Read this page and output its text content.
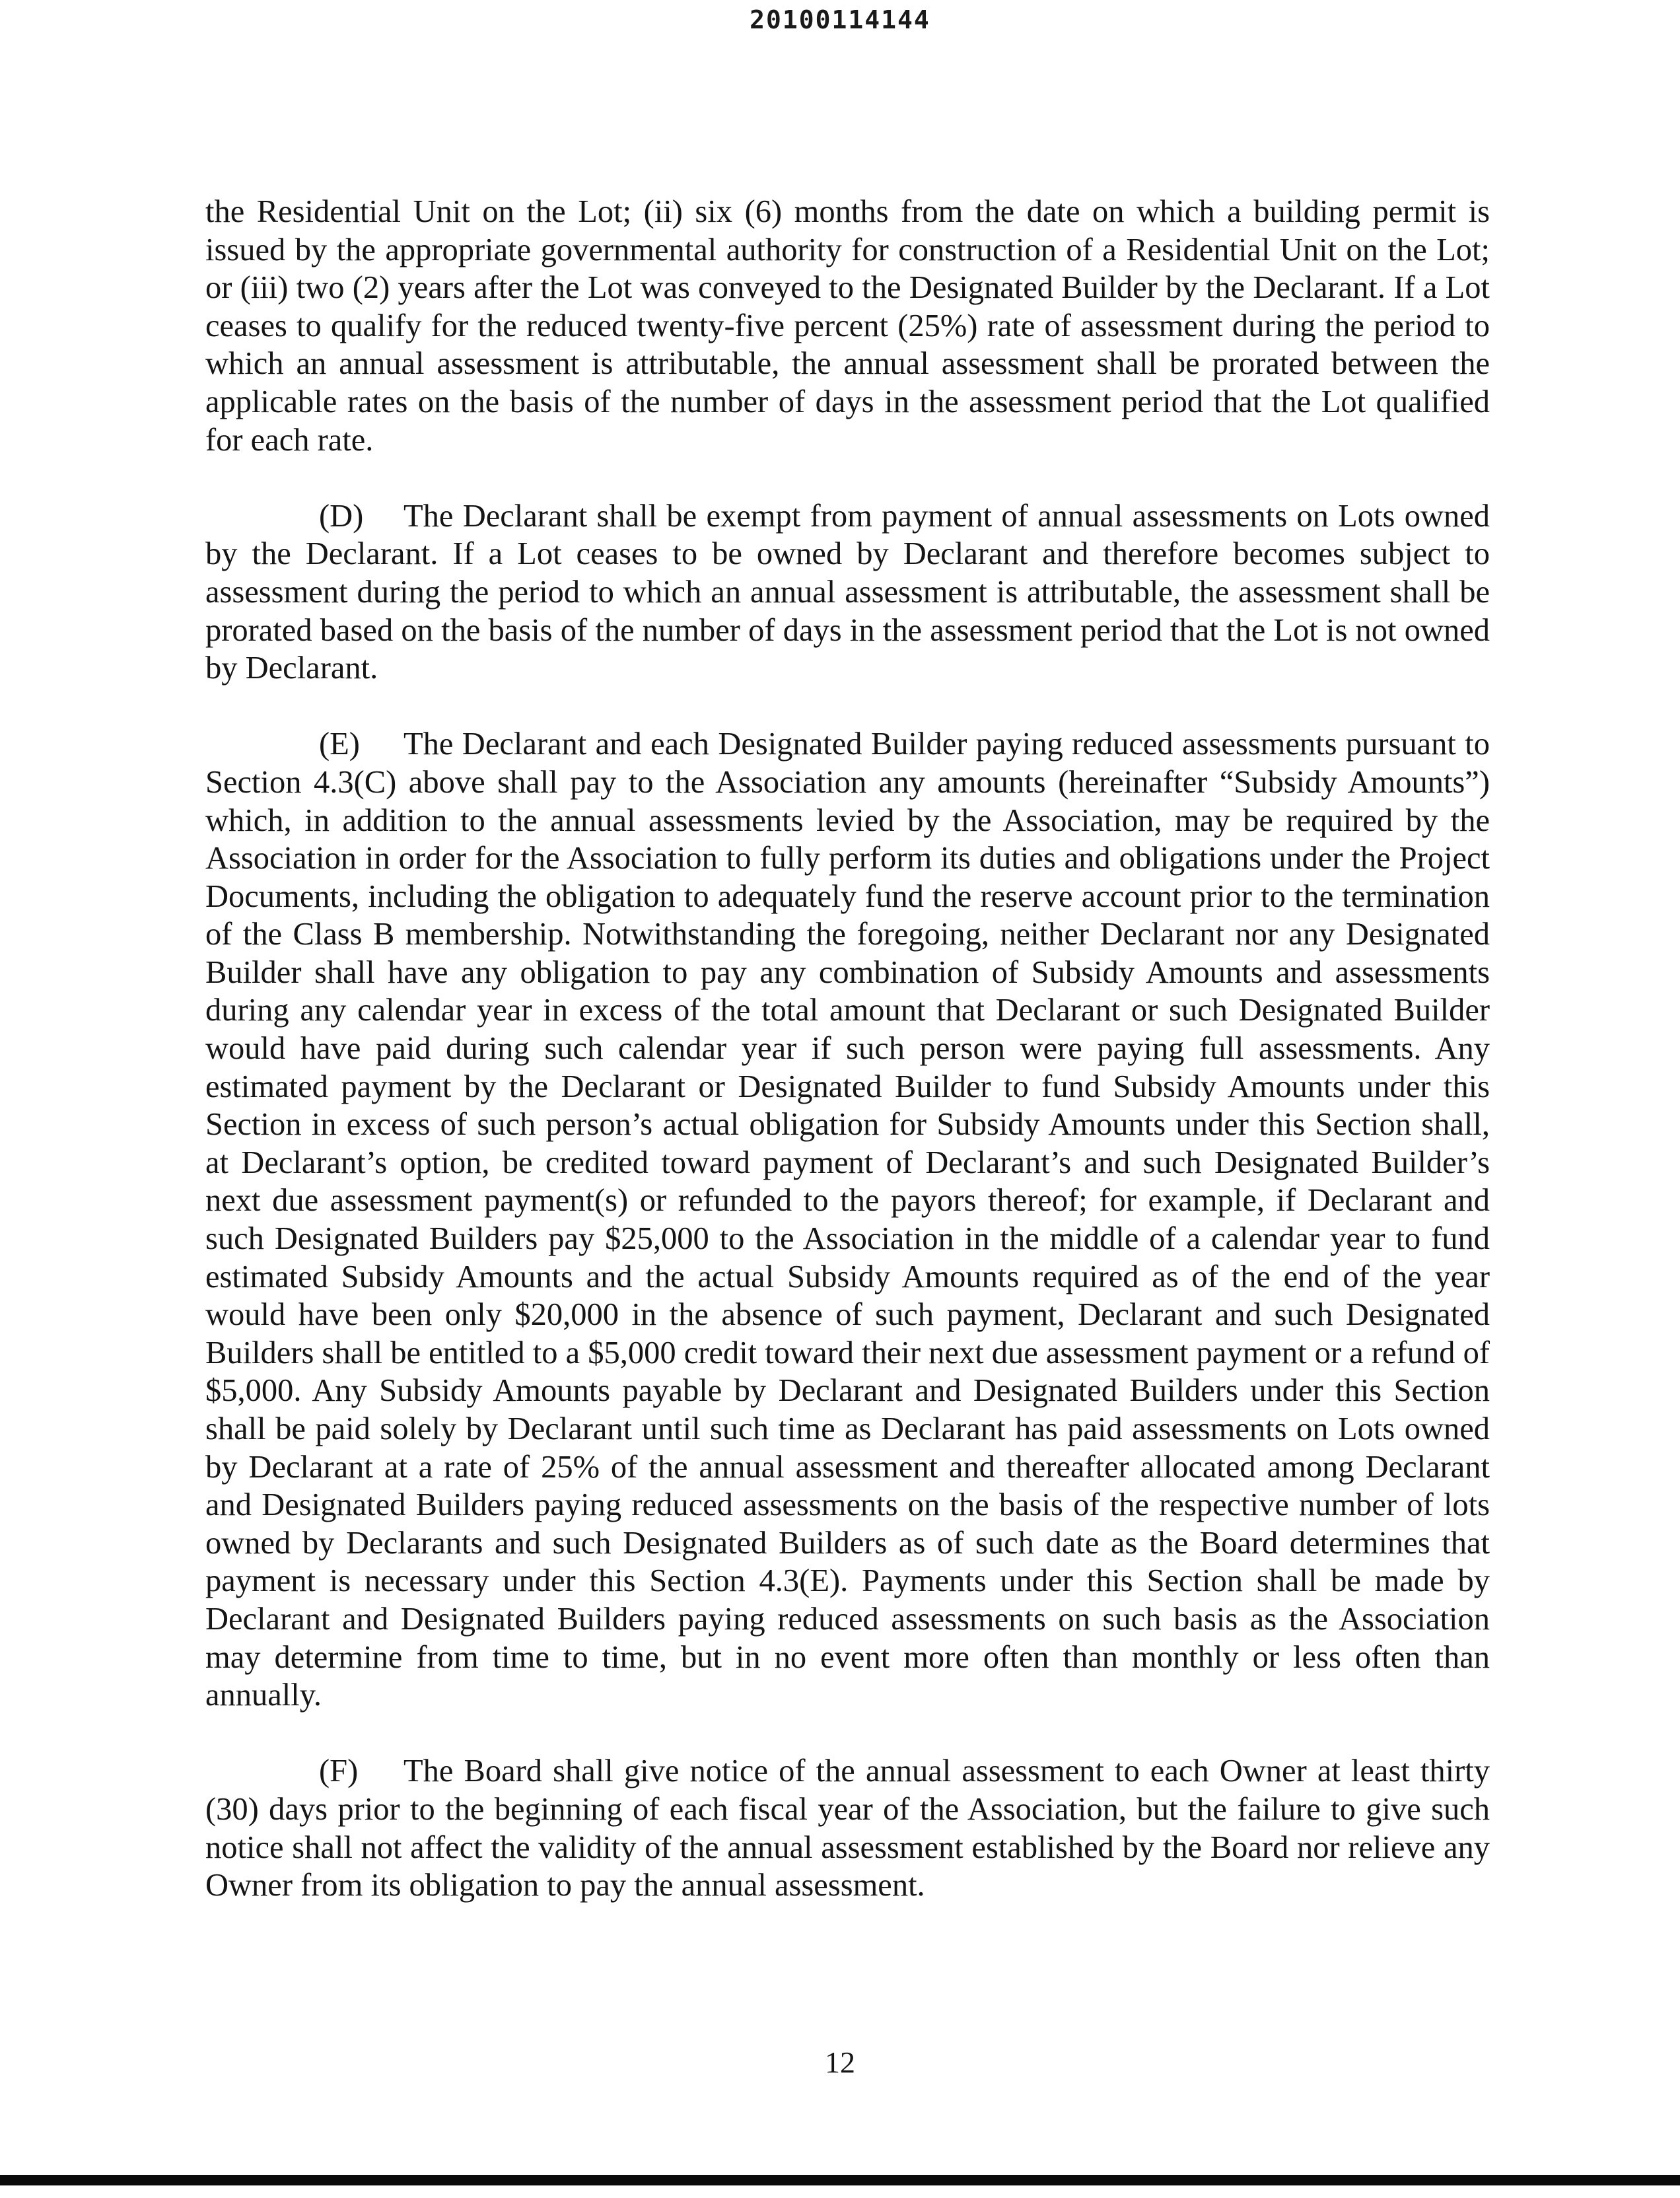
20100114144

the Residential Unit on the Lot; (ii) six (6) months from the date on which a building permit is issued by the appropriate governmental authority for construction of a Residential Unit on the Lot; or (iii) two (2) years after the Lot was conveyed to the Designated Builder by the Declarant. If a Lot ceases to qualify for the reduced twenty-five percent (25%) rate of assessment during the period to which an annual assessment is attributable, the annual assessment shall be prorated between the applicable rates on the basis of the number of days in the assessment period that the Lot qualified for each rate.

(D) The Declarant shall be exempt from payment of annual assessments on Lots owned by the Declarant. If a Lot ceases to be owned by Declarant and therefore becomes subject to assessment during the period to which an annual assessment is attributable, the assessment shall be prorated based on the basis of the number of days in the assessment period that the Lot is not owned by Declarant.

(E) The Declarant and each Designated Builder paying reduced assessments pursuant to Section 4.3(C) above shall pay to the Association any amounts (hereinafter “Subsidy Amounts”) which, in addition to the annual assessments levied by the Association, may be required by the Association in order for the Association to fully perform its duties and obligations under the Project Documents, including the obligation to adequately fund the reserve account prior to the termination of the Class B membership. Notwithstanding the foregoing, neither Declarant nor any Designated Builder shall have any obligation to pay any combination of Subsidy Amounts and assessments during any calendar year in excess of the total amount that Declarant or such Designated Builder would have paid during such calendar year if such person were paying full assessments. Any estimated payment by the Declarant or Designated Builder to fund Subsidy Amounts under this Section in excess of such person’s actual obligation for Subsidy Amounts under this Section shall, at Declarant’s option, be credited toward payment of Declarant’s and such Designated Builder’s next due assessment payment(s) or refunded to the payors thereof; for example, if Declarant and such Designated Builders pay $25,000 to the Association in the middle of a calendar year to fund estimated Subsidy Amounts and the actual Subsidy Amounts required as of the end of the year would have been only $20,000 in the absence of such payment, Declarant and such Designated Builders shall be entitled to a $5,000 credit toward their next due assessment payment or a refund of $5,000. Any Subsidy Amounts payable by Declarant and Designated Builders under this Section shall be paid solely by Declarant until such time as Declarant has paid assessments on Lots owned by Declarant at a rate of 25% of the annual assessment and thereafter allocated among Declarant and Designated Builders paying reduced assessments on the basis of the respective number of lots owned by Declarants and such Designated Builders as of such date as the Board determines that payment is necessary under this Section 4.3(E). Payments under this Section shall be made by Declarant and Designated Builders paying reduced assessments on such basis as the Association may determine from time to time, but in no event more often than monthly or less often than annually.

(F) The Board shall give notice of the annual assessment to each Owner at least thirty (30) days prior to the beginning of each fiscal year of the Association, but the failure to give such notice shall not affect the validity of the annual assessment established by the Board nor relieve any Owner from its obligation to pay the annual assessment.

12
